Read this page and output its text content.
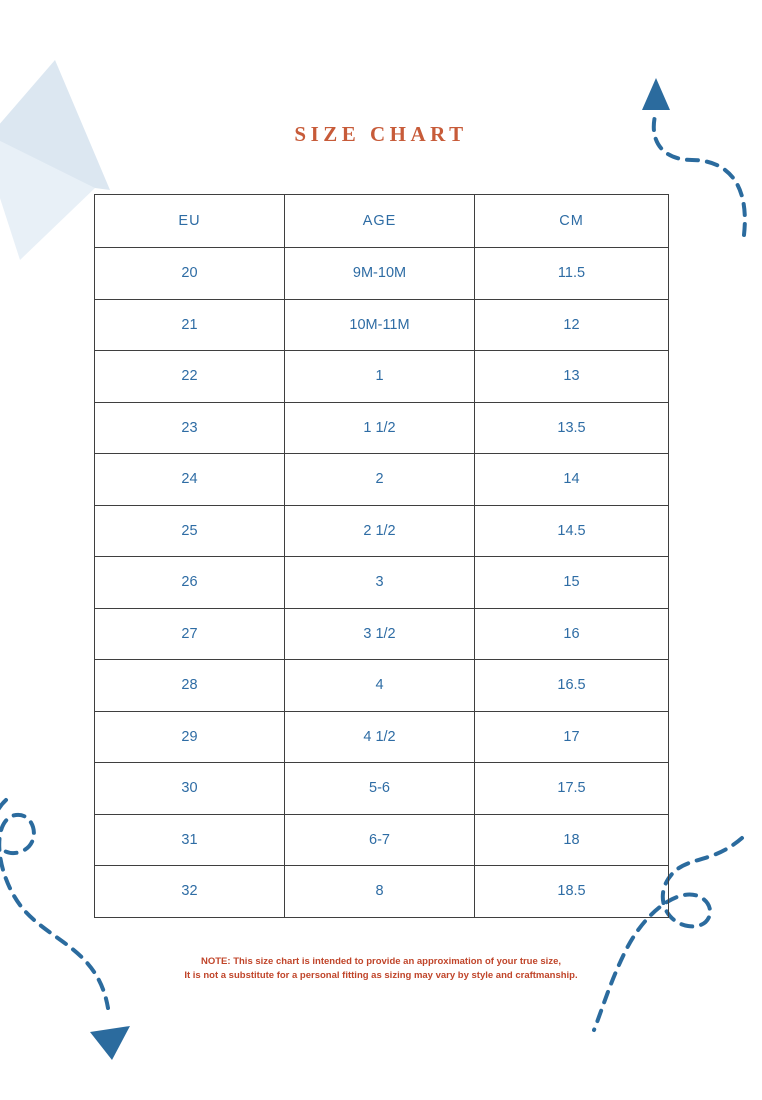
SIZE CHART
EU	AGE	CM
20	9M-10M	11.5
21	10M-11M	12
22	1	13
23	1 1/2	13.5
24	2	14
25	2 1/2	14.5
26	3	15
27	3 1/2	16
28	4	16.5
29	4 1/2	17
30	5-6	17.5
31	6-7	18
32	8	18.5
NOTE: This size chart is intended to provide an approximation of your true size,
It is not a substitute for a personal fitting as sizing may vary by style and craftmanship.
